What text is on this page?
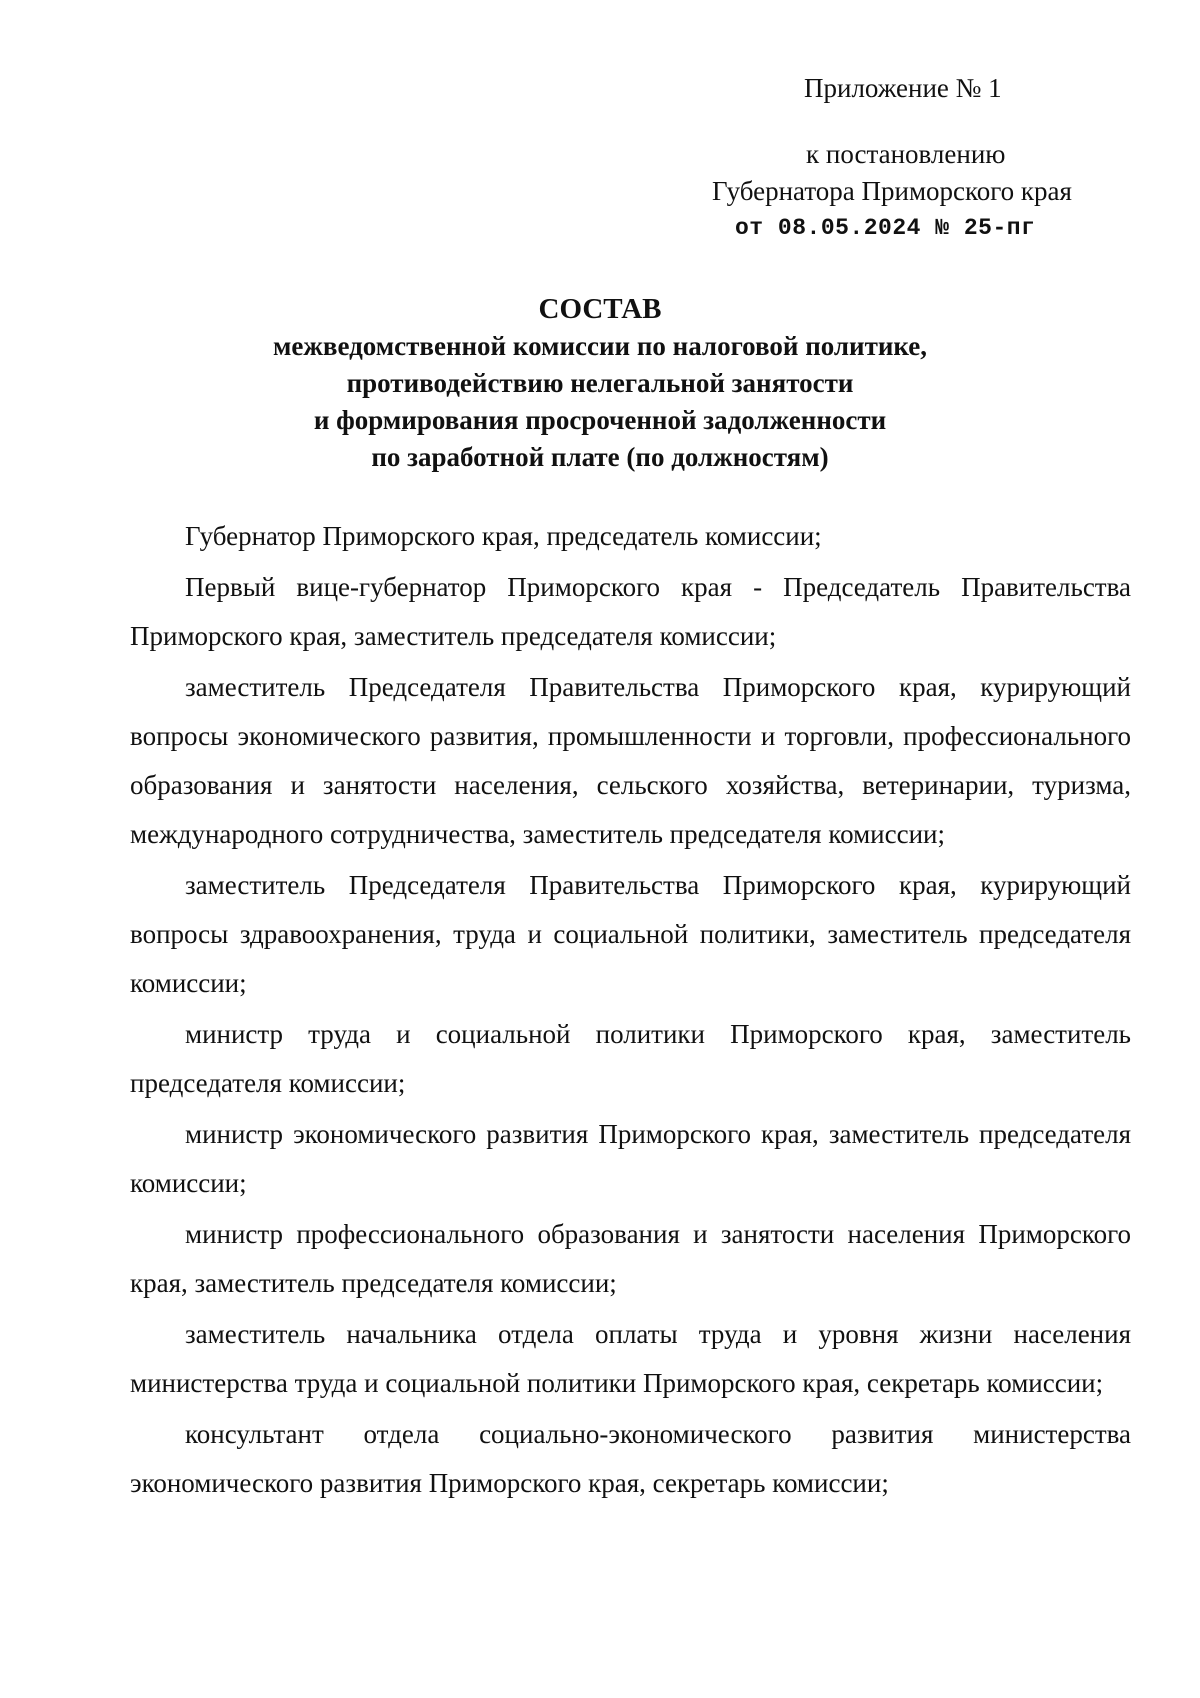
Приложение № 1
к постановлению
Губернатора Приморского края
от 08.05.2024 № 25-пг
СОСТАВ
межведомственной комиссии по налоговой политике,
противодействию нелегальной занятости
и формирования просроченной задолженности
по заработной плате (по должностям)

Губернатор Приморского края, председатель комиссии;

Первый вице-губернатор Приморского края - Председатель Правительства Приморского края, заместитель председателя комиссии;

заместитель Председателя Правительства Приморского края, курирующий вопросы экономического развития, промышленности и торговли, профессионального образования и занятости населения, сельского хозяйства, ветеринарии, туризма, международного сотрудничества, заместитель председателя комиссии;

заместитель Председателя Правительства Приморского края, курирующий вопросы здравоохранения, труда и социальной политики, заместитель председателя комиссии;

министр труда и социальной политики Приморского края, заместитель председателя комиссии;

министр экономического развития Приморского края, заместитель председателя комиссии;

министр профессионального образования и занятости населения Приморского края, заместитель председателя комиссии;

заместитель начальника отдела оплаты труда и уровня жизни населения министерства труда и социальной политики Приморского края, секретарь комиссии;

консультант отдела социально-экономического развития министерства экономического развития Приморского края, секретарь комиссии;
